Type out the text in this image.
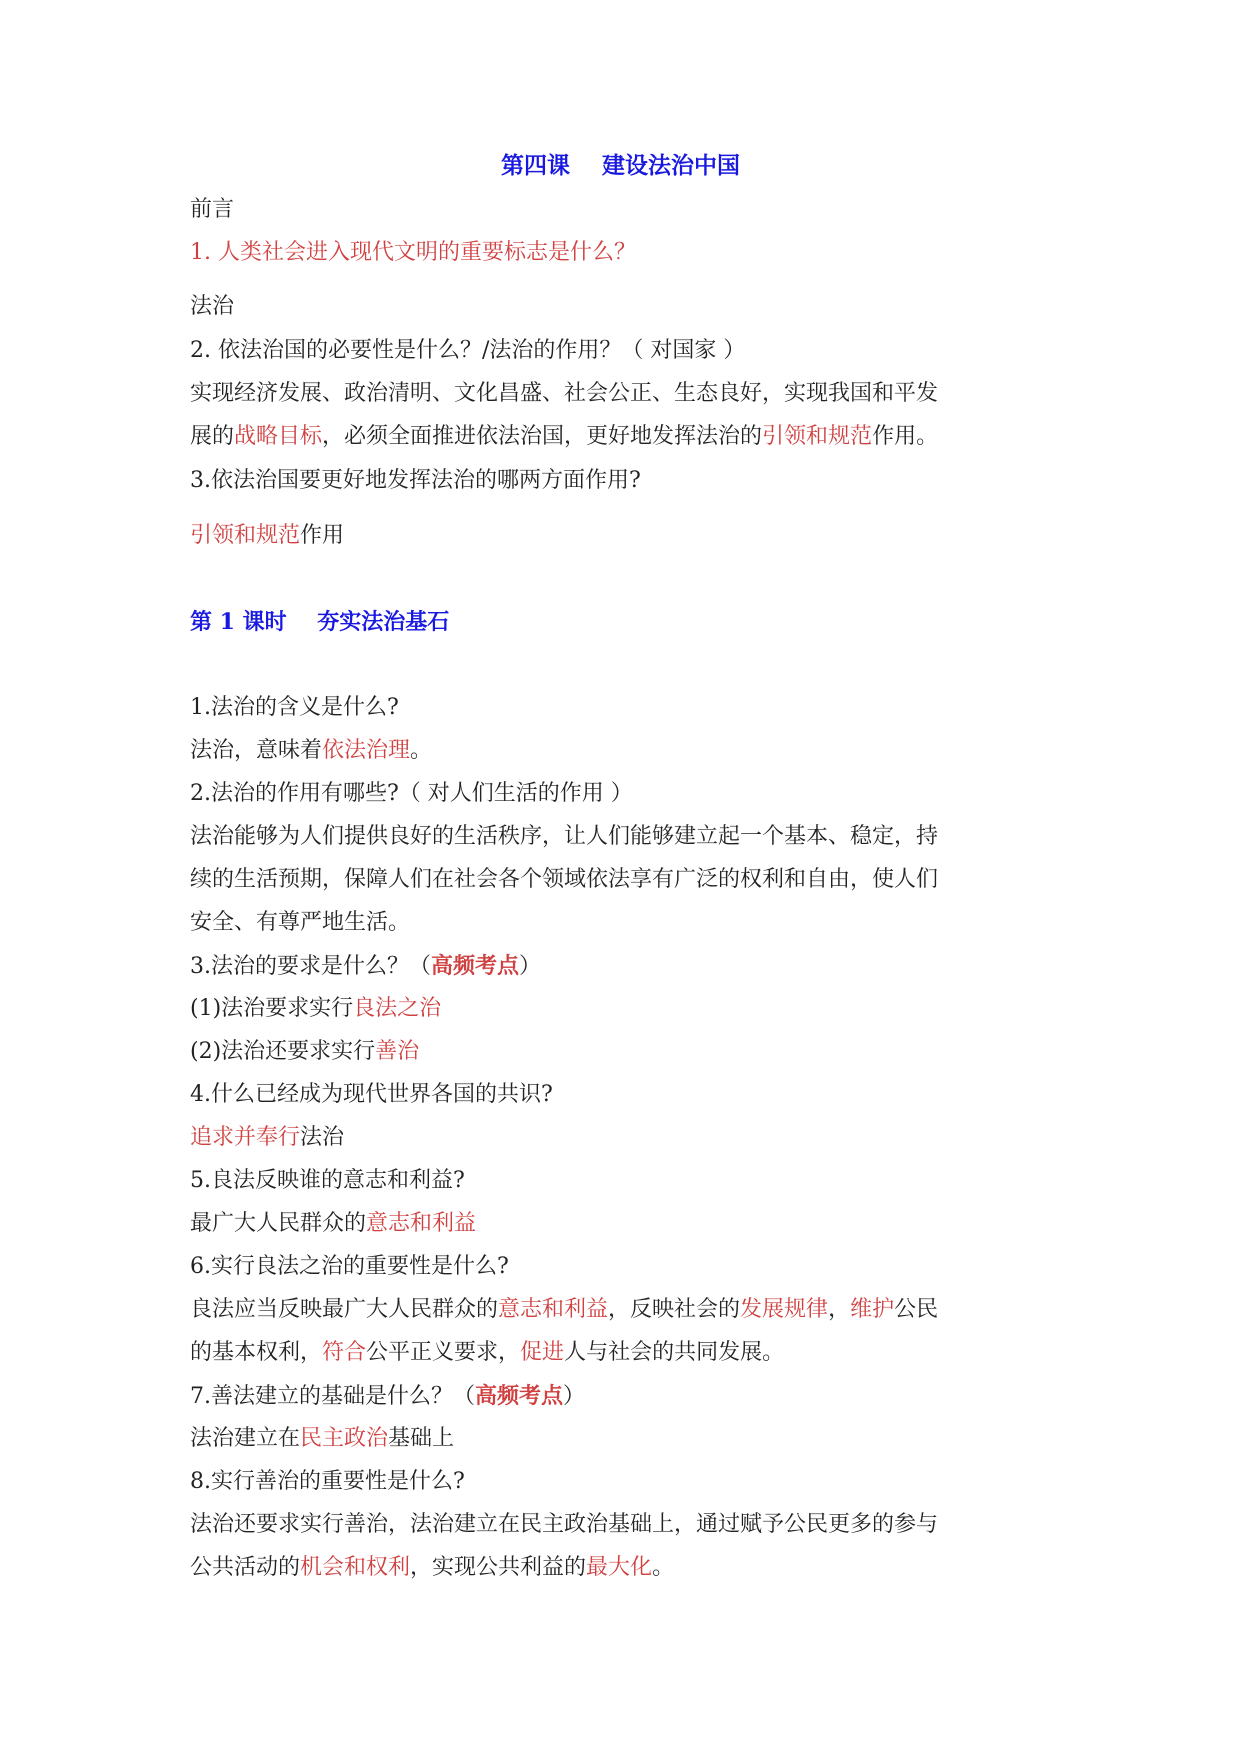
第四课    建设法治中国
前言
1. 人类社会进入现代文明的重要标志是什么？
法治
2. 依法治国的必要性是什么？/法治的作用？（ 对国家 ）
实现经济发展、政治清明、文化昌盛、社会公正、生态良好，实现我国和平发
展的战略目标，必须全面推进依法治国，更好地发挥法治的引领和规范作用。
3.依法治国要更好地发挥法治的哪两方面作用?
引领和规范作用
第 1 课时    夯实法治基石
1.法治的含义是什么?
法治，意味着依法治理。
2.法治的作用有哪些?（ 对人们生活的作用 ）
法治能够为人们提供良好的生活秩序，让人们能够建立起一个基本、稳定，持
续的生活预期，保障人们在社会各个领域依法享有广泛的权利和自由，使人们
安全、有尊严地生活。
3.法治的要求是什么？（高频考点）
(1)法治要求实行良法之治
(2)法治还要求实行善治
4.什么已经成为现代世界各国的共识?
追求并奉行法治
5.良法反映谁的意志和利益?
最广大人民群众的意志和利益
6.实行良法之治的重要性是什么?
良法应当反映最广大人民群众的意志和利益，反映社会的发展规律，维护公民
的基本权利，符合公平正义要求，促进人与社会的共同发展。
7.善法建立的基础是什么？（高频考点）
法治建立在民主政治基础上
8.实行善治的重要性是什么?
法治还要求实行善治，法治建立在民主政治基础上，通过赋予公民更多的参与
公共活动的机会和权利，实现公共利益的最大化。
